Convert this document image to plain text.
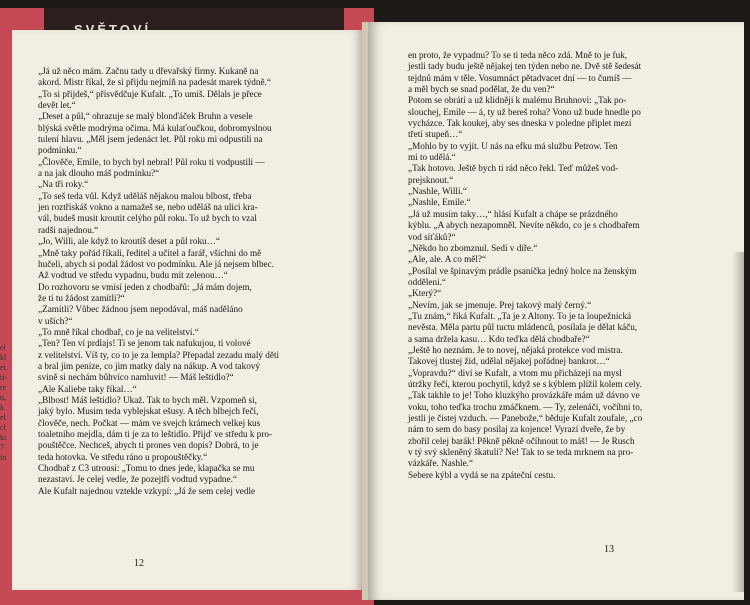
el
kl
ei.
ti-
re
n,
k
el
cl
ki
7
in
„Já už něco mám. Začnu tady u dřevařský firmy. Kukaně na
akord. Mistr říkal, že si přijdu nejmíň na padesát marek týdně.“
„To si přijdeš,“ přisvědčuje Kufalt. „To umíš. Dělals je přece
devět let.“
„Deset a půl,“ ohrazuje se malý blonďáček Bruhn a vesele
blýská světle modrýma očima. Má kulaťoučkou, dobromyslnou
tulení hlavu. „Měl jsem jedenáct let. Půl roku mi odpustili na
podmínku.“
„Člověče, Emile, to bych byl nebral! Půl roku ti vodpustili —
a na jak dlouho máš podmínku?“
„Na tři roky.“
„To seš teda vůl. Když uděláš nějakou malou blbost, třeba
jen roztřískáš vokno a namažeš se, nebo uděláš na ulici kra-
vál, budeš musit kroutit celýho půl roku. To už bych to vzal
radši najednou.“
„Jo, Willi, ale když to kroutíš deset a půl roku…“
„Mně taky pořád říkali, ředitel a učitel a farář, všichni do mě
hučeli, abych si podal žádost vo podmínku. Ale já nejsem blbec.
Až vodtud ve středu vypadnu, budu mít zelenou…“
Do rozhovoru se vmísí jeden z chodbařů: „Já mám dojem,
že ti tu žádost zamítli?“
„Zamítli? Vůbec žádnou jsem nepodával, máš naděláno
v uších?“
„To mně říkal chodbař, co je na velitelství.“
„Ten? Ten ví prdlajs! Ti se jenom tak nafukujou, ti volové
z velitelství. Víš ty, co to je za lempla? Přepadal zezadu malý děti
a bral jim peníze, co jim matky daly na nákup. A vod takový
svině si nechám bůhvíco namluvit! — Máš leštidlo?“
„Ale Kaliebe taky říkal…“
„Blbost! Máš leštidlo? Ukaž. Tak to bych měl. Vzpomeň si,
jaký bylo. Musim teda vyblejskat ešusy. A těch blbejch řečí,
člověče, nech. Počkat — mám ve svejch krámech velkej kus
toaletního mejdla, dám ti je za to leštidlo. Přijď ve středu k pro-
pouštěčce. Nechceš, abych ti prones ven dopis? Dobrá, to je
teda hotovka. Ve středu ráno u propouštěčky.“
Chodbař z C3 utrousí: „Tomu to dnes jede, klapačka se mu
nezastaví. Je celej vedle, že pozejtří vodtud vypadne.“
Ale Kufalt najednou vztekle vzkypí: „Já že sem celej vedle
12
en proto, že vypadnu? To se ti teda něco zdá. Mně to je fuk,
jestli tady budu ještě nějakej ten týden nebo ne. Dvě stě šedesát
tejdnů mám v těle. Vosumnáct pětadvacet dní — to čumíš —
a měl bych se snad podělat, že du ven?“
Potom se obrátí a už klidněji k malému Bruhnovi: „Tak po-
slouchej, Emile — á, ty už bereš roha? Vono už bude hnedle po
vycházce. Tak koukej, aby ses dneska v poledne připlet mezi
třetí stupeň…“
„Mohlo by to vyjít. U nás na efku má službu Petrow. Ten
mi to udělá.“
„Tak hotovo. Ještě bych ti rád něco řekl. Teď můžeš vod-
prejsknout.“
„Nashle, Willi.“
„Nashle, Emile.“
„Já už musím taky…,“ hlásí Kufalt a chápe se prázdného
kýblu. „A abych nezapomněl. Nevíte někdo, co je s chodbařem
vod síťáků?“
„Někdo ho zbomznul. Sedí v díře.“
„Ale, ale. A co měl?“
„Posílal ve špinavým prádle psaníčka jedný holce na ženským
oddělení.“
„Který?“
„Nevím, jak se jmenuje. Prej takový malý černý.“
„Tu znám,“ říká Kufalt. „Ta je z Altony. To je ta loupežnická
nevěsta. Měla partu půl tuctu mládenců, posílala je dělat káču,
a sama držela kasu… Kdo teďka dělá chodbaře?“
„Ještě ho neznám. Je to novej, nějaká protekce vod mistra.
Takovej tlustej žid, udělal nějakej pořádnej bankrot…“
„Vopravdu?“ diví se Kufalt, a vtom mu přicházejí na mysl
útržky řečí, kterou pochytil, když se s kýblem plížil kolem cely.
„Tak takhle to je! Toho kluzkýho provázkáře mám už dávno ve
voku, toho teďka trochu zmáčknem. — Ty, zelenáči, vočíhni to,
jestli je čistej vzduch. — Panebože,“ běduje Kufalt zoufale, „co
nám to sem do basy posílaj za kojence! Vyrazí dveře, že by
zbořil celej barák! Pěkně pěkně očíhnout to máš! — Je Rusch
v tý svý skleněný škatuli? Ne! Tak to se teda mrknem na pro-
vázkáře. Nashle.“
Sebere kýbl a vydá se na zpáteční cestu.
13
